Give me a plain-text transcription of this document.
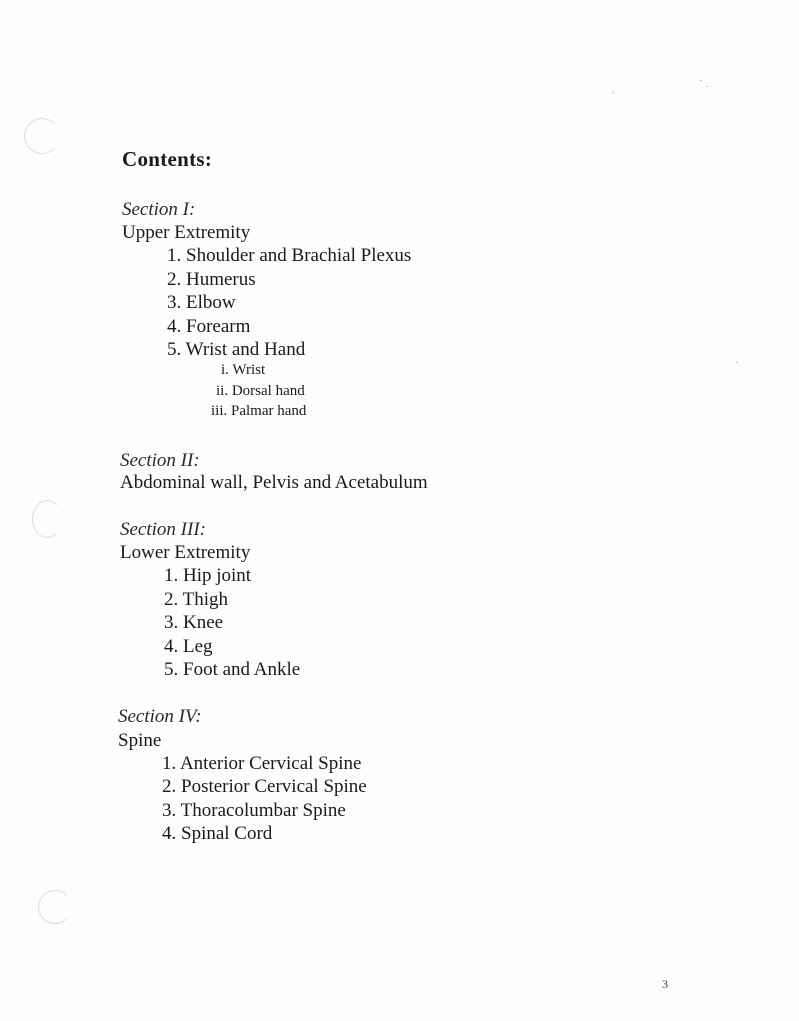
Contents:
Section I:
Upper Extremity
1. Shoulder and Brachial Plexus
2. Humerus
3. Elbow
4. Forearm
5. Wrist and Hand
i. Wrist
ii. Dorsal hand
iii. Palmar hand
Section II:
Abdominal wall, Pelvis and Acetabulum
Section III:
Lower Extremity
1. Hip joint
2. Thigh
3. Knee
4. Leg
5. Foot and Ankle
Section IV:
Spine
1. Anterior Cervical Spine
2. Posterior Cervical Spine
3. Thoracolumbar Spine
4. Spinal Cord
3
